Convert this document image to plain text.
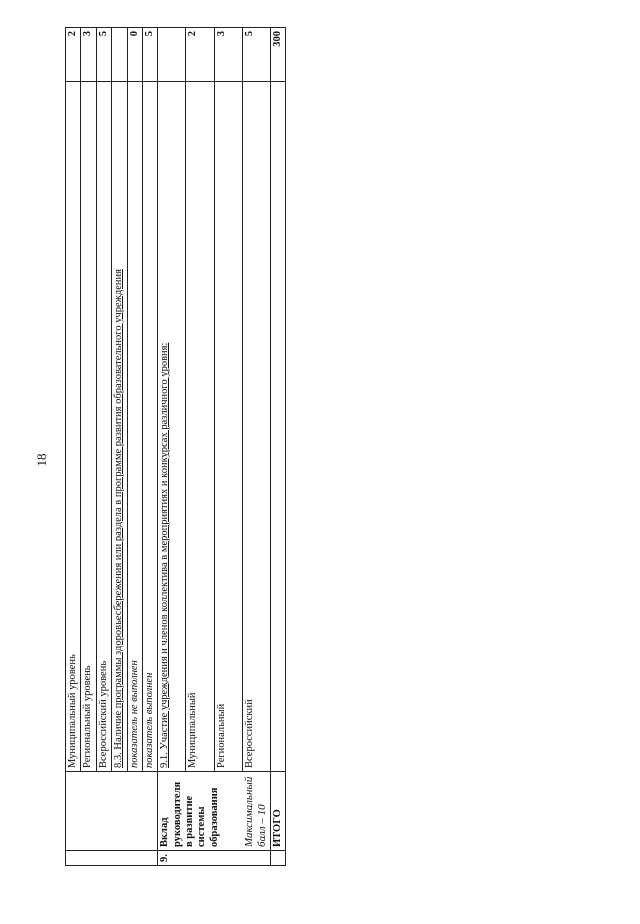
18
		Муниципальный уровень	2
		Региональный уровень	3
		Всероссийский уровень	5
		8.3. Наличие программы здоровьесбережения или раздела в программе развития образовательного учреждения	
		показатель не выполнен	0
		показатель выполнен	5
9.	Вклад руководителя в развитие системы образования Максимальный балл – 10	9.1. Участие учреждения и членов коллектива в мероприятиях и конкурсах различного уровня:	
		Муниципальный	2
		Региональный	3
		Всероссийский	5
	ИТОГО		300
